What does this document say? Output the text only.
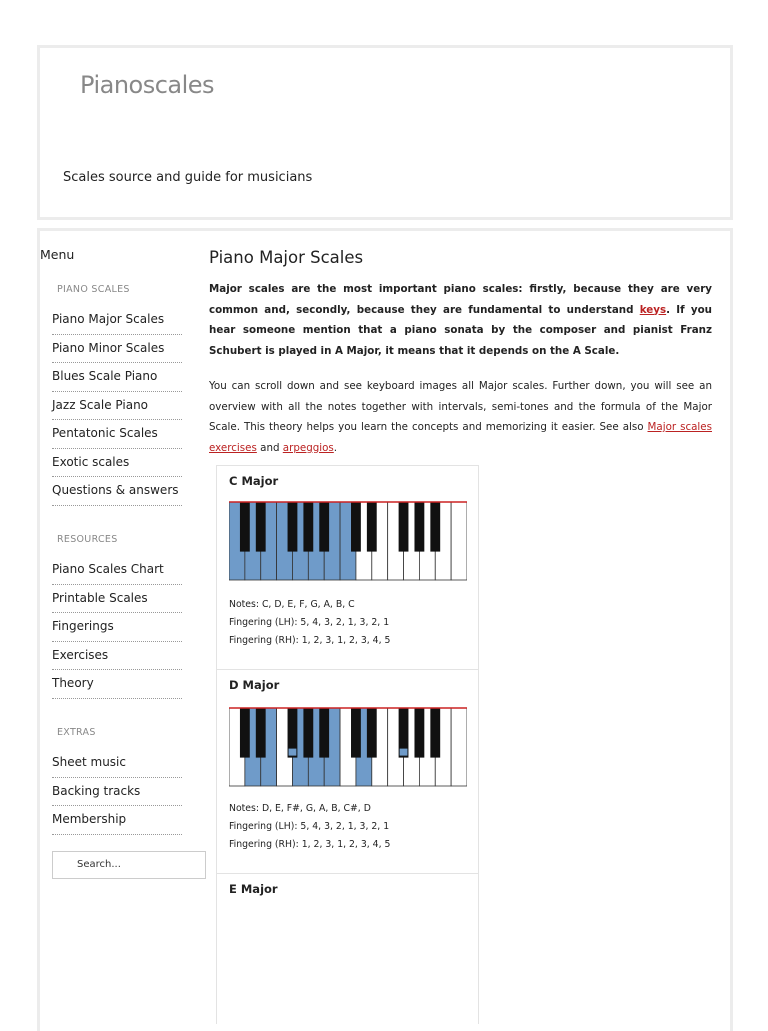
Pianoscales
Scales source and guide for musicians
Menu
PIANO SCALES
Piano Major Scales
Piano Minor Scales
Blues Scale Piano
Jazz Scale Piano
Pentatonic Scales
Exotic scales
Questions & answers
RESOURCES
Piano Scales Chart
Printable Scales
Fingerings
Exercises
Theory
EXTRAS
Sheet music
Backing tracks
Membership
Search...
Piano Major Scales

Major scales are the most important piano scales: firstly, because they are very common and, secondly, because they are fundamental to understand keys. If you hear someone mention that a piano sonata by the composer and pianist Franz Schubert is played in A Major, it means that it depends on the A Scale.

You can scroll down and see keyboard images all Major scales. Further down, you will see an overview with all the notes together with intervals, semi-tones and the formula of the Major Scale. This theory helps you learn the concepts and memorizing it easier. See also Major scales exercises and arpeggios.

C Major
Notes: C, D, E, F, G, A, B, C
Fingering (LH): 5, 4, 3, 2, 1, 3, 2, 1
Fingering (RH): 1, 2, 3, 1, 2, 3, 4, 5
D Major
Notes: D, E, F#, G, A, B, C#, D
Fingering (LH): 5, 4, 3, 2, 1, 3, 2, 1
Fingering (RH): 1, 2, 3, 1, 2, 3, 4, 5
E Major
